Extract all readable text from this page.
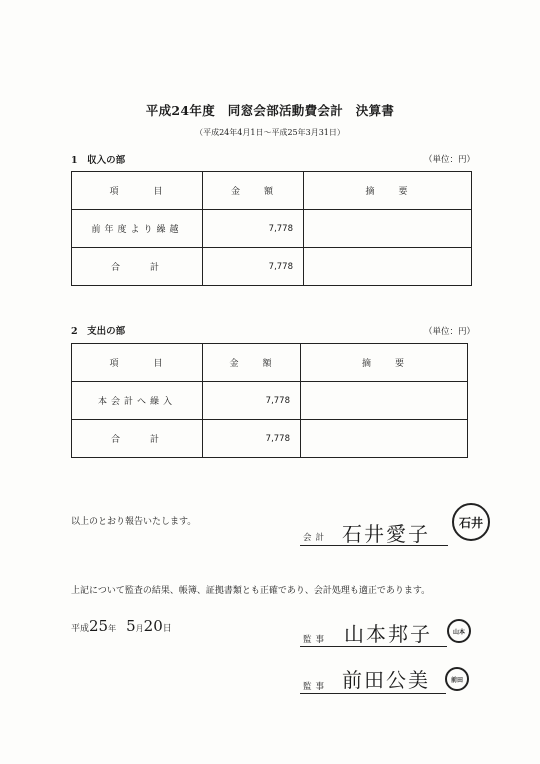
平成24年度　同窓会部活動費会計　決算書
（平成24年4月1日～平成25年3月31日）
1　収入の部	（単位：円）
項　　　目	金　　額	摘　　要
前年度より繰越	7,778	
合　　計	7,778	
2　支出の部	（単位：円）
項　　　目	金　　額	摘　　要
本会計へ繰入	7,778	
合　　計	7,778	
以上のとおり報告いたします。
会計 石井愛子	石井
上記について監査の結果、帳簿、証拠書類とも正確であり、会計処理も適正であります。
平成 25 年 5 月 20 日
監事 山本邦子	山本
監事 前田公美	前田
